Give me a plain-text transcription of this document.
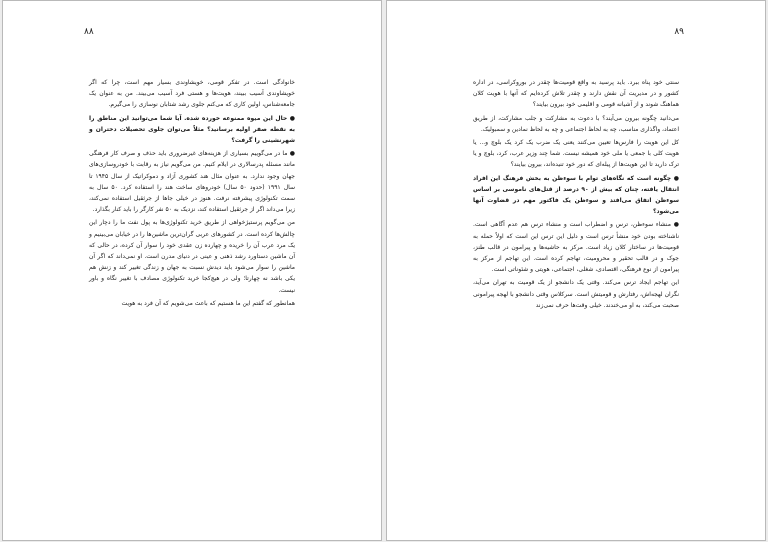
۸۸

خانوادگی است. در تفکر قومی، خویشاوندی بسیار مهم است، چرا که اگر خویشاوندی آسیب ببیند، هویت‌ها و هستی فرد آسیب می‌بیند. من به عنوان یک جامعه‌شناس، اولین کاری که می‌کنم جلوی رشد شتابان نوسازی را می‌گیرم.

● حال این میوه ممنوعه خورده شده. آیا شما می‌توانید این مناطق را به نقطه صفر اولیه برسانید؟ مثلاً می‌توان جلوی تحصیلات دختران و شهرنشینی را گرفت؟

● ما در می‌گوییم بسیاری از هزینه‌های غیرضروری باید حذف و صرف کار فرهنگی مانند مسئله پدرسالاری در ایلام کنیم. من می‌گویم نیاز به رقابت با خودروسازی‌های جهان وجود ندارد. به عنوان مثال هند کشوری آزاد و دموکراتیک از سال ۱۹۴۵ تا سال ۱۹۹۱ (حدود ۵۰ سال) خودروهای ساخت هند را استفاده کرد. ۵۰ سال به سمت تکنولوژی پیشرفته نرفت. هنوز در خیلی جاها از جرثقیل استفاده نمی‌کند، زیرا می‌داند اگر از جرثقیل استفاده کند، نزدیک به ۵۰ نفر کارگر را باید کنار بگذارد.

من می‌گویم پرستیژخواهی از طریق خرید تکنولوژی‌ها به پول نفت ما را دچار این چالش‌ها کرده است. در کشورهای عربی گران‌ترین ماشین‌ها را در خیابان می‌بینیم و یک مرد عرب آن را خریده و چهارده زن عقدی خود را سوار آن کرده، در حالی که آن ماشین دستاورد رشد ذهنی و عینی در دنیای مدرن است. او نمی‌داند که اگر آن ماشین را سوار می‌شود باید دیدش نسبت به جهان و زندگی تغییر کند و زنش هم یکی باشد نه چهارتا؛ ولی در هیچ‌کجا خرید تکنولوژی مصادف با تغییر نگاه و باور نیست.

همانطور که گفتم این ما هستیم که باعث می‌شویم که آن فرد به هویت

۸۹

سنتی خود پناه ببرد. باید پرسید به واقع قومیت‌ها چقدر در بوروکراسی، در اداره کشور و در مدیریت آن نقش دارند و چقدر تلاش کرده‌ایم که آنها با هویت کلان هماهنگ شوند و از آشیانه قومی و اقلیمی خود بیرون بیایند؟

می‌دانید چگونه بیرون می‌آیند؟ با دعوت به مشارکت و جلب مشارکت، از طریق اعتماد، واگذاری مناسب، چه به لحاظ اجتماعی و چه به لحاظ نمادین و سمبولیک.

کل این هویت را فارس‌ها تعیین می‌کنند یعنی یک ضرب یک کرد یک بلوچ و... یا هویت کلی با جمعی یا ملی خود همیشه نیست. شما چند وزیر عرب، کرد، بلوچ و یا ترک دارید تا این هویت‌ها از پیله‌ای که دور خود تنیده‌اند، بیرون بیایند؟

● چگونه است که نگاه‌های توام با سوءظن به بخش فرهنگ این افراد انتقال یافته، چنان که بیش از ۹۰ درصد از قتل‌های ناموسی بر اساس سوءظن اتفاق می‌افتد و سوءظن یک فاکتور مهم در قضاوت آنها می‌شود؟

● منشاء سوءظن، ترس و اضطراب است و منشاء ترس هم عدم آگاهی است. ناشناخته بودن خود منشأ ترس است و دلیل این ترس این است که اولاً حمله به قومیت‌ها در ساختار کلان زیاد است. مرکز به حاشیه‌ها و پیرامون در قالب طنز، جوک و در قالب تحقیر و محرومیت، تهاجم کرده است. این تهاجم از مرکز به پیرامون از نوع فرهنگی، اقتصادی، شغلی، اجتماعی، هویتی و شئوناتی است.

این تهاجم ایجاد ترس می‌کند. وقتی یک دانشجو از یک قومیت به تهران می‌آید، نگران لهجه‌اش، رفتارش و قومیتش است. سرکلاس وقتی دانشجو با لهجه پیرامونی صحبت می‌کند، به او می‌خندند. خیلی وقت‌ها حرف نمی‌زند
